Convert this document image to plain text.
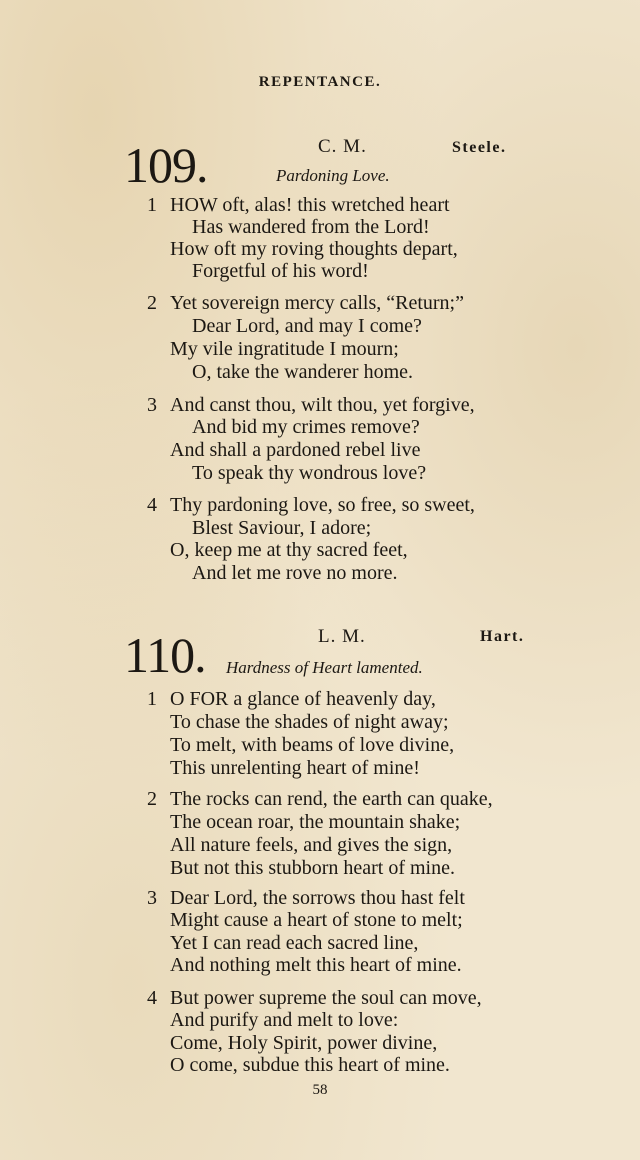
REPENTANCE.
109.	C. M.	Steele.
Pardoning Love.
1 HOW oft, alas! this wretched heart
Has wandered from the Lord!
How oft my roving thoughts depart,
Forgetful of his word!
2 Yet sovereign mercy calls, “Return;”
Dear Lord, and may I come?
My vile ingratitude I mourn;
O, take the wanderer home.
3 And canst thou, wilt thou, yet forgive,
And bid my crimes remove?
And shall a pardoned rebel live
To speak thy wondrous love?
4 Thy pardoning love, so free, so sweet,
Blest Saviour, I adore;
O, keep me at thy sacred feet,
And let me rove no more.
110.	L. M.	Hart.
Hardness of Heart lamented.
1 O FOR a glance of heavenly day,
To chase the shades of night away;
To melt, with beams of love divine,
This unrelenting heart of mine!
2 The rocks can rend, the earth can quake,
The ocean roar, the mountain shake;
All nature feels, and gives the sign,
But not this stubborn heart of mine.
3 Dear Lord, the sorrows thou hast felt
Might cause a heart of stone to melt;
Yet I can read each sacred line,
And nothing melt this heart of mine.
4 But power supreme the soul can move,
And purify and melt to love:
Come, Holy Spirit, power divine,
O come, subdue this heart of mine.
58
